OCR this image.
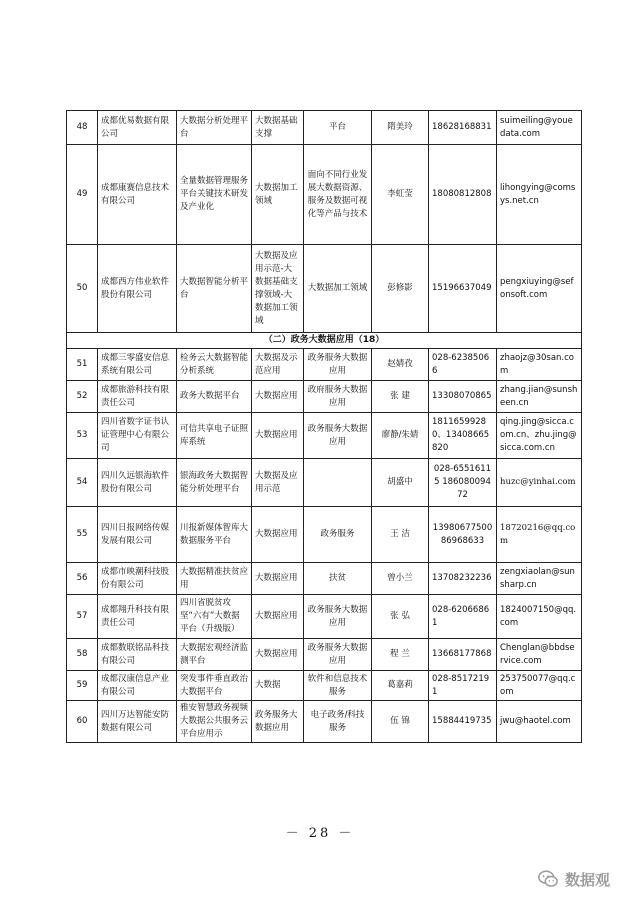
48	成都优易数据有限公司	大数据分析处理平台	大数据基础支撑	平台	隋美玲	18628168831	suimeiling@youedata.com
49	成都康赛信息技术有限公司	全量数据管理服务平台关键技术研发及产业化	大数据加工领域	面向不同行业发展大数据资源、服务及数据可视化等产品与技术	李虹莹	18080812808	lihongying@comsys.net.cn
50	成都西方伟业软件股份有限公司	大数据智能分析平台	大数据及应用示范-大数据基础支撑领域-大数据加工领域	大数据加工领域	彭修影	15196637049	pengxiuying@sefonsoft.com
（二）政务大数据应用（18）							
51	成都三零盛安信息系统有限公司	检务云大数据智能分析系统	大数据及示范应用	政务服务大数据应用	赵婧孜	028-62385066	zhaojz@30san.com
52	成都旅游科技有限责任公司	政务大数据平台	大数据应用	政府服务大数据应用	张 建	13308070865	zhang.jian@sunsheen.cn
53	四川省数字证书认证管理中心有限公司	可信共享电子证照库系统	大数据应用	政务服务大数据应用	廖静/朱婧	18116599280、13408665820	qing.jing@sicca.com.cn、zhu.jing@sicca.com.cn
54	四川久远银海软件股份有限公司	银海政务大数据智能分析处理平台	大数据及应用示范		胡盛中	028-65516115 18608009472	huzc@yinhai.com
55	四川日报网络传媒发展有限公司	川报新媒体智库大数据服务平台	大数据应用	政务服务	王 洁	13980677500 86968633	18720216@qq.com
56	成都市映潮科技股份有限公司	大数据精准扶贫应用	大数据应用	扶贫	曾小兰	13708232236	zengxiaolan@sunsharp.cn
57	成都翔升科技有限责任公司	四川省脱贫攻坚“六有”大数据平台（升级版）	大数据应用	政务服务大数据应用	张 弘	028-62066861	1824007150@qq.com
58	成都数联铭品科技有限公司	大数据宏观经济监测平台	大数据应用	政务服务大数据应用	程 兰	13668177868	Chenglan@bbdservice.com
59	成都汉康信息产业有限公司	突发事件垂直政治大数据平台	大数据	软件和信息技术服务	葛嘉莉	028-85172191	253750077@qq.com
60	四川万达智能安防数据有限公司	雅安智慧政务视频大数据公共服务云平台应用示	政务服务大数据应用	电子政务/科技服务	伍 锦	15884419735	jwu@haotel.com
－ 28 －
数据观
